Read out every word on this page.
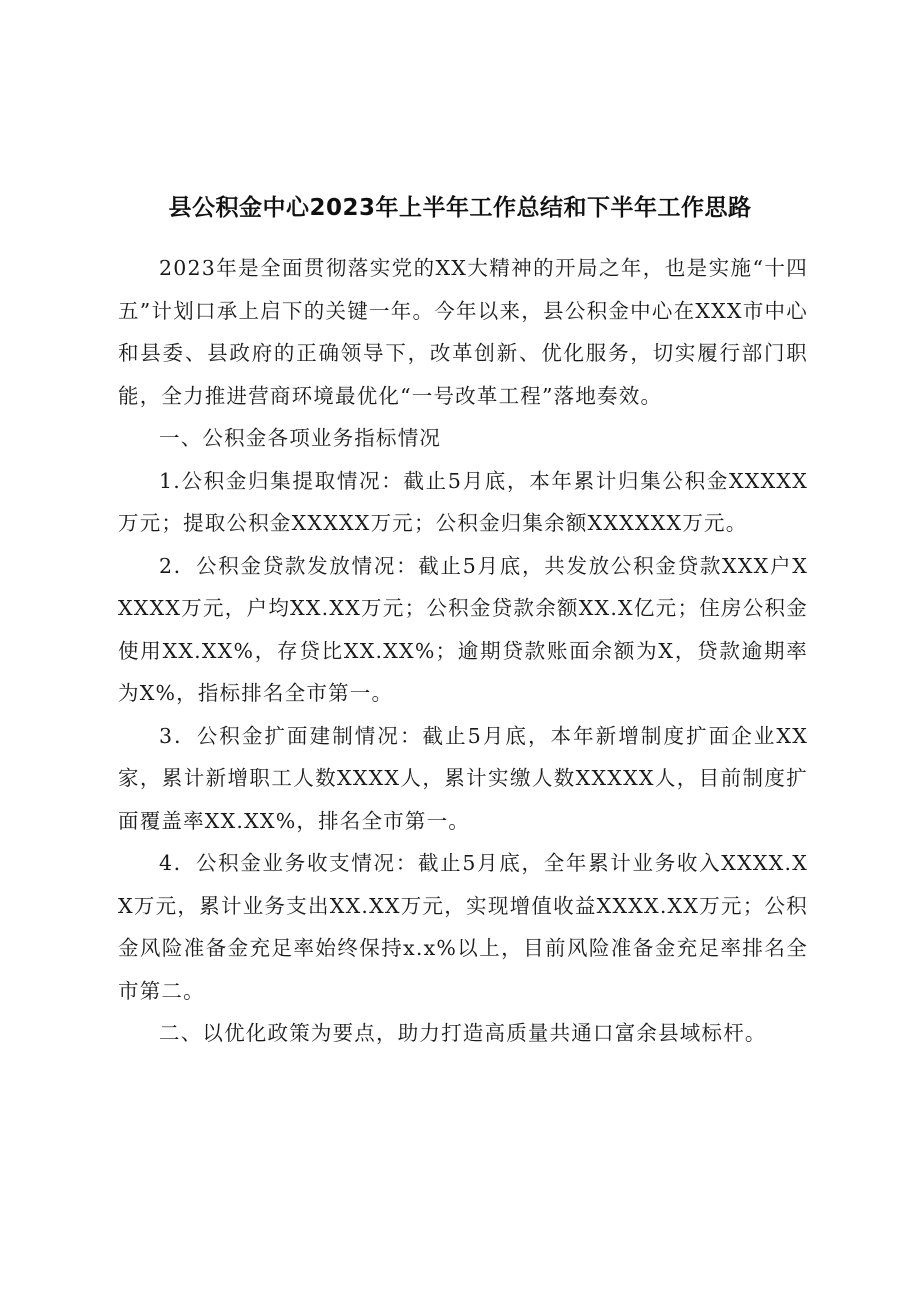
县公积金中心2023年上半年工作总结和下半年工作思路

2023年是全面贯彻落实党的XX大精神的开局之年，也是实施“十四五”计划口承上启下的关键一年。今年以来，县公积金中心在XXX市中心和县委、县政府的正确领导下，改革创新、优化服务，切实履行部门职能，全力推进营商环境最优化“一号改革工程”落地奏效。

一、公积金各项业务指标情况

1.公积金归集提取情况：截止5月底，本年累计归集公积金XXXXX万元；提取公积金XXXXX万元；公积金归集余额XXXXXX万元。

2．公积金贷款发放情况：截止5月底，共发放公积金贷款XXX户XXXXX万元，户均XX.XX万元；公积金贷款余额XX.X亿元；住房公积金使用XX.XX%，存贷比XX.XX%；逾期贷款账面余额为X，贷款逾期率为X%，指标排名全市第一。

3．公积金扩面建制情况：截止5月底，本年新增制度扩面企业XX家，累计新增职工人数XXXX人，累计实缴人数XXXXX人，目前制度扩面覆盖率XX.XX%，排名全市第一。

4．公积金业务收支情况：截止5月底，全年累计业务收入XXXX.XX万元，累计业务支出XX.XX万元，实现增值收益XXXX.XX万元；公积金风险准备金充足率始终保持x.x%以上，目前风险准备金充足率排名全市第二。

二、以优化政策为要点，助力打造高质量共通口富余县域标杆。
